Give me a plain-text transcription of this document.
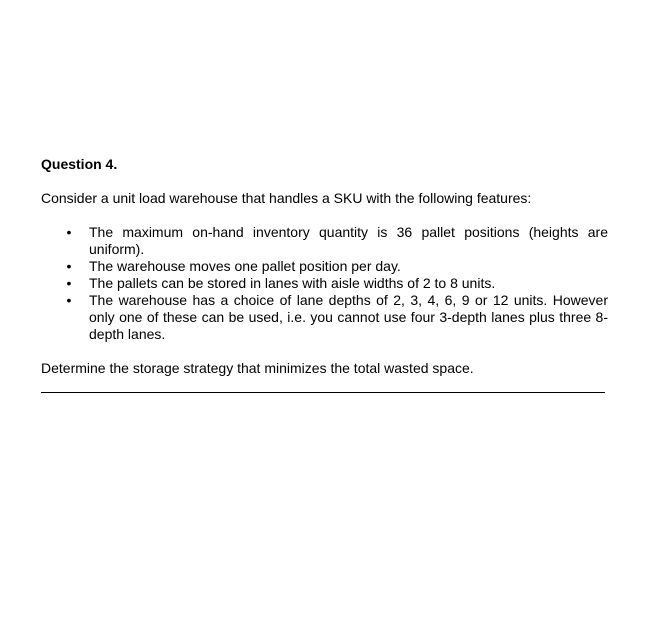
Question 4.

Consider a unit load warehouse that handles a SKU with the following features:

• The maximum on-hand inventory quantity is 36 pallet positions (heights are uniform).
• The warehouse moves one pallet position per day.
• The pallets can be stored in lanes with aisle widths of 2 to 8 units.
• The warehouse has a choice of lane depths of 2, 3, 4, 6, 9 or 12 units. However only one of these can be used, i.e. you cannot use four 3-depth lanes plus three 8-depth lanes.

Determine the storage strategy that minimizes the total wasted space.
